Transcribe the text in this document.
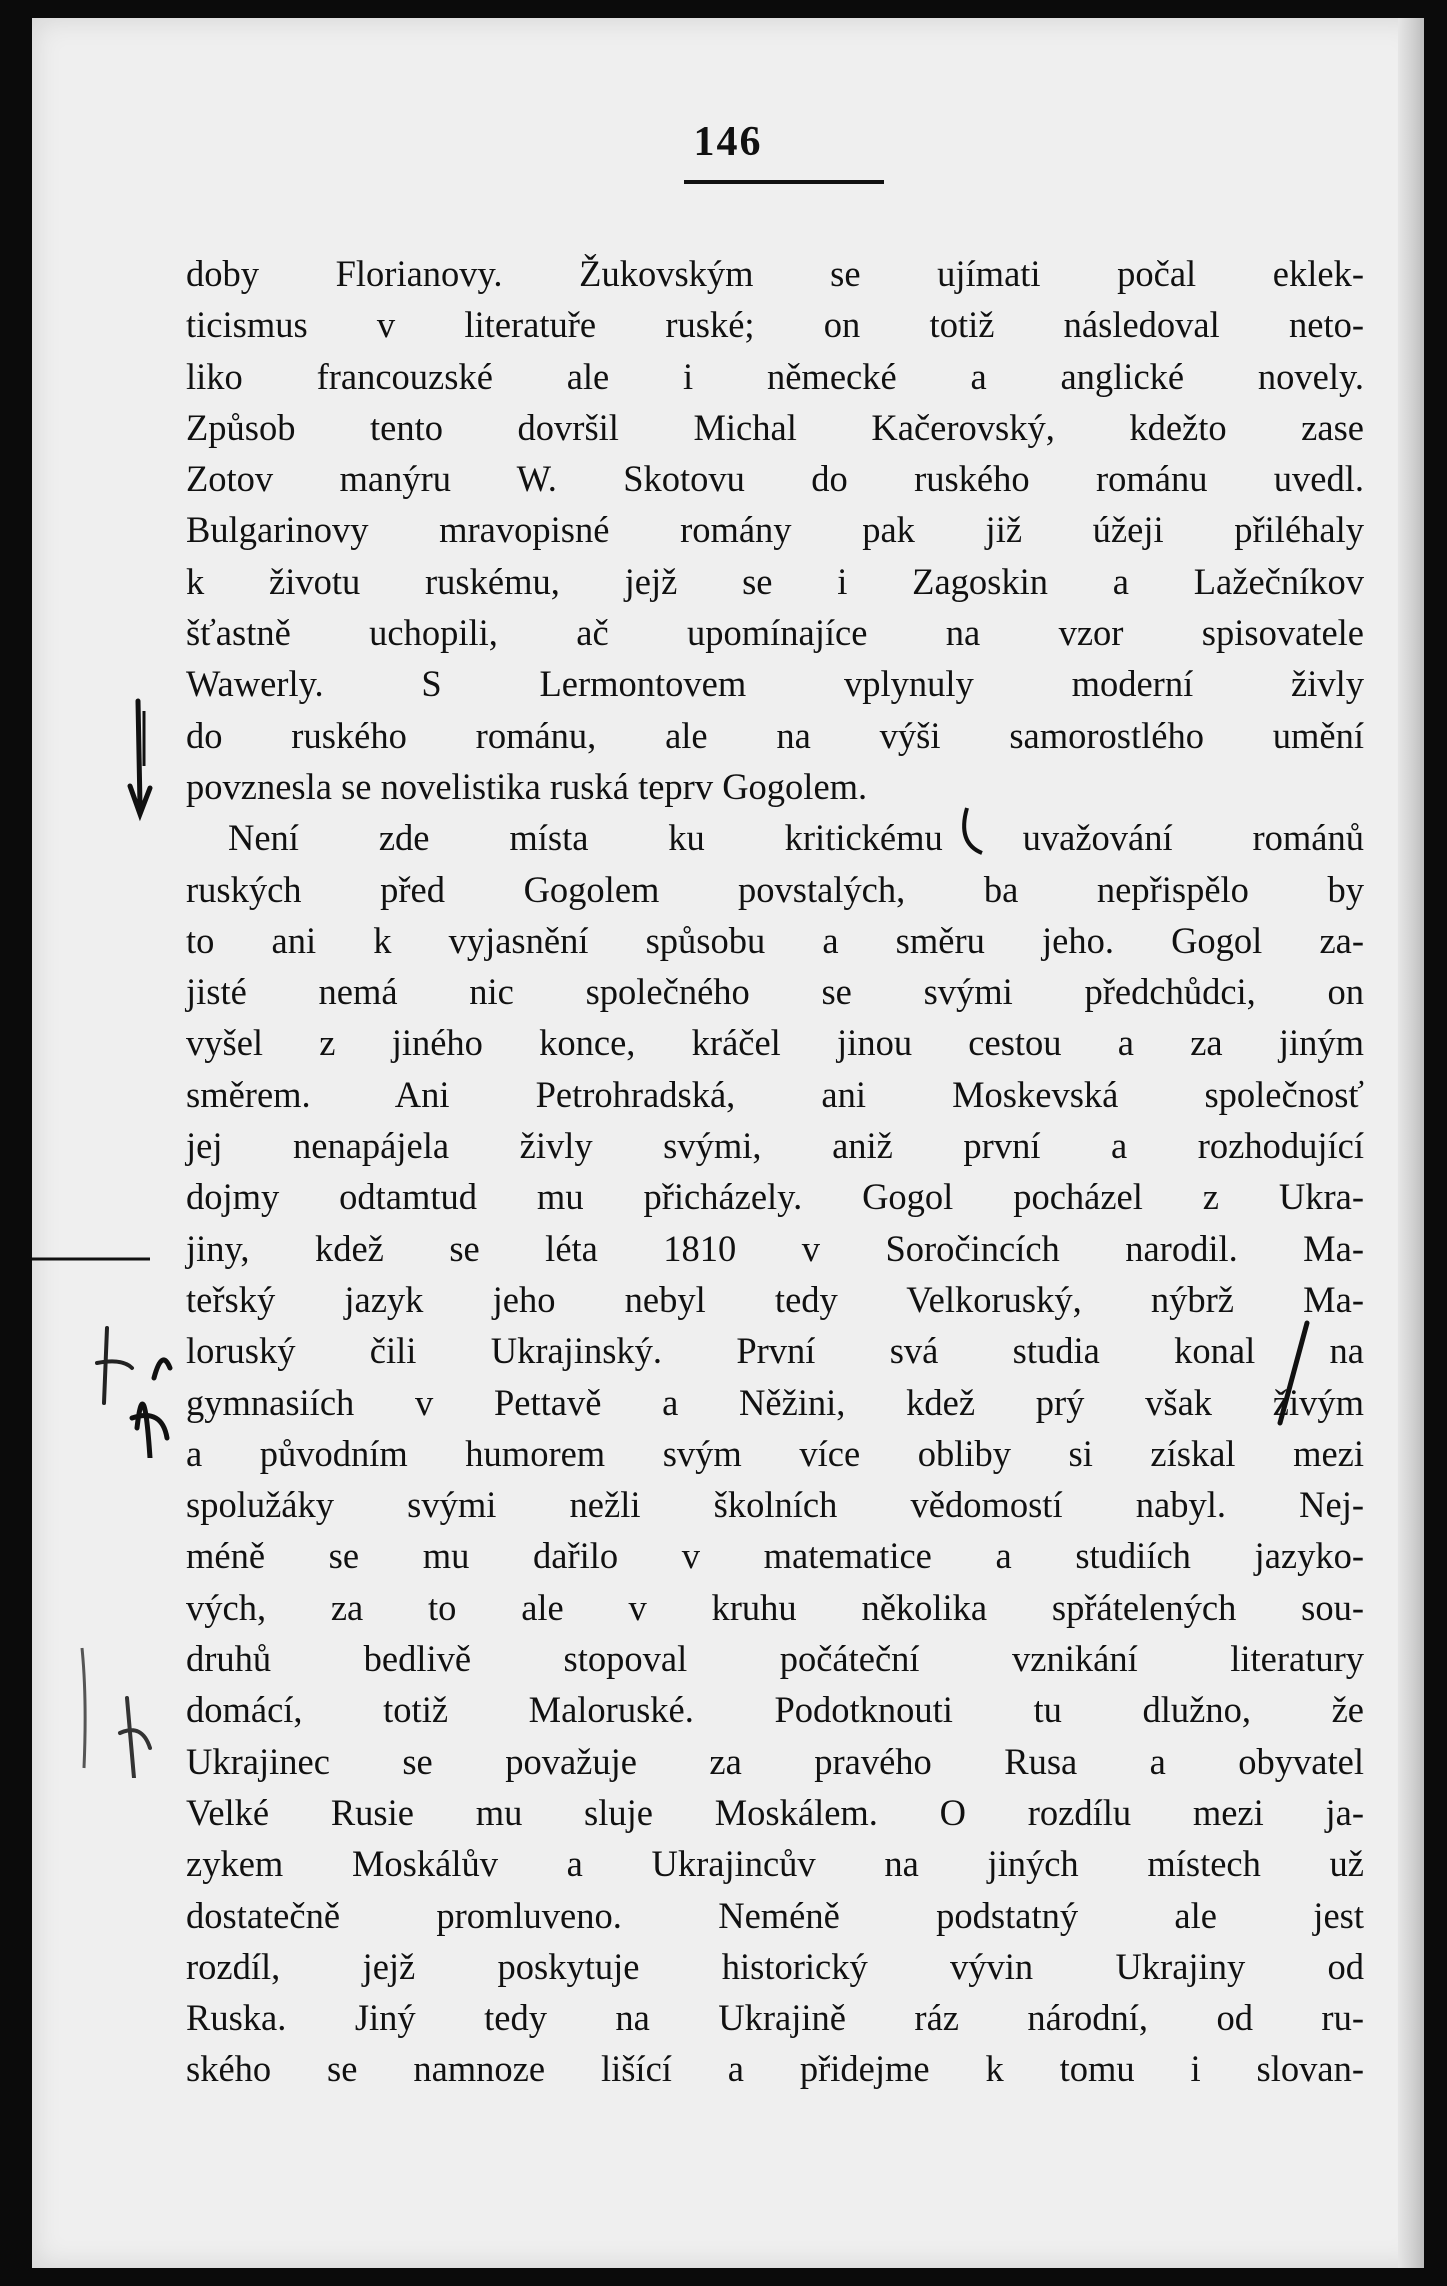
146
doby Florianovy. Žukovským se ujímati počal eklek-
ticismus v literatuře ruské; on totiž následoval neto-
liko francouzské ale i německé a anglické novely.
Způsob tento dovršil Michal Kačerovský, kdežto zase
Zotov manýru W. Skotovu do ruského románu uvedl.
Bulgarinovy mravopisné romány pak již úžeji přiléhaly
k životu ruskému, jejž se i Zagoskin a Lažečníkov
šťastně uchopili, ač upomínajíce na vzor spisovatele
Wawerly. S Lermontovem vplynuly moderní živly
do ruského románu, ale na výši samorostlého umění
povznesla se novelistika ruská teprv Gogolem.
Není zde místa ku kritickému uvažování románů
ruských před Gogolem povstalých, ba nepřispělo by
to ani k vyjasnění spůsobu a směru jeho. Gogol za-
jisté nemá nic společného se svými předchůdci, on
vyšel z jiného konce, kráčel jinou cestou a za jiným
směrem. Ani Petrohradská, ani Moskevská společnosť
jej nenapájela živly svými, aniž první a rozhodující
dojmy odtamtud mu přicházely. Gogol pocházel z Ukra-
jiny, kdež se léta 1810 v Soročincích narodil. Ma-
teřský jazyk jeho nebyl tedy Velkoruský, nýbrž Ma-
loruský čili Ukrajinský. První svá studia konal na
gymnasiích v Pettavě a Něžini, kdež prý však živým
a původním humorem svým více obliby si získal mezi
spolužáky svými nežli školních vědomostí nabyl. Nej-
méně se mu dařilo v matematice a studiích jazyko-
vých, za to ale v kruhu několika spřátelených sou-
druhů bedlivě stopoval počáteční vznikání literatury
domácí, totiž Maloruské. Podotknouti tu dlužno, že
Ukrajinec se považuje za pravého Rusa a obyvatel
Velké Rusie mu sluje Moskálem. O rozdílu mezi ja-
zykem Moskálův a Ukrajincův na jiných místech už
dostatečně promluveno. Neméně podstatný ale jest
rozdíl, jejž poskytuje historický vývin Ukrajiny od
Ruska. Jiný tedy na Ukrajině ráz národní, od ru-
ského se namnoze lišící a přidejme k tomu i slovan-
